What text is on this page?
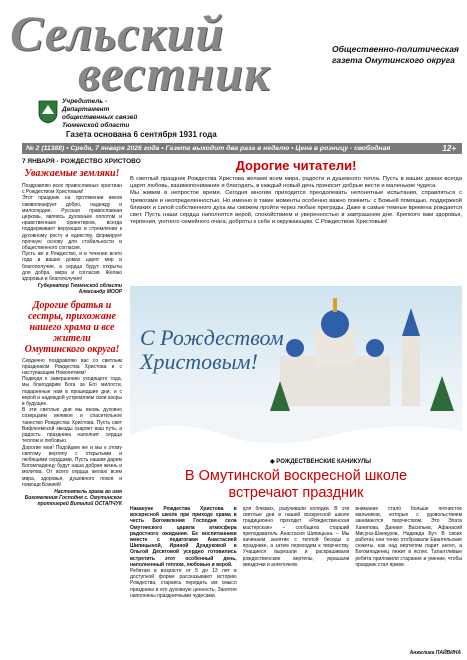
Сельский
вестник	Общественно-политическая газета Омутинского округа
Учредитель - Департамент общественных связей Тюменской области
Газета основана 6 сентября 1931 года
№ 2 (11388) • Среда, 7 января 2026 года • Газета выходит два раза в неделю • Цена в розницу - свободная	12+
7 ЯНВАРЯ - РОЖДЕСТВО ХРИСТОВО
Уважаемые земляки!

Поздравляю всех православных христиан с Рождеством Христовым!

Этот праздник на протяжении веков символизирует добро, надежду и милосердие. Русская православная церковь, являясь духовным оплотом и нравственным ориентиром, всегда поддерживает верующих в стремлении к духовному росту и единству, формирует прочную основу для стабильности и общественного согласия.

Пусть же в Рождество, и в течение всего года в ваших домах царят мир и благополучие, а сердца будут открыты для добра, мира и согласия. Желаю здоровья и благополучия!

Губернатор Тюменской области Александр МООР
Дорогие братья и сестры, прихожане нашего храма и все жители Омутинского округа!

Сердечно поздравляю вас со светлым праздником Рождества Христова и с наступающим Новолетием!

Подводя к завершению уходящего года, мы благодарим Бога за Его милости, подаренные нам в прошедшие дни, и с верой и надеждой устремляем свои взоры в будущее.

В эти светлые дни мы вновь духовно созерцаем великое и спасительное таинство Рождества Христова. Пусть свет Вифлеемской звезды озаряет ваш путь, а радость праздника наполнит сердца теплом и любовью.

Дорогие мои! Подойдем же и мы к этому святому вертепу с открытыми и любящими сердцами. Пусть нашим дарем Богомладенцу будут наша добрая жизнь и молитва. От всего сердца желаю всем мира, здоровья, душевного покоя и помощи Божией!

Настоятель храма во имя Богоявления Господня с. Омутинское протоиерей Виталий ОСТАПЧУК
Дорогие читатели!

В светлый праздник Рождества Христова желаем всем мира, радости и душевного тепла. Пусть в ваших домах всегда царят любовь, взаимопонимание и благодать, в каждый новый день приносит добрые вести и маленькие чудеса.

Мы живем в непростое время. Сегодня многим приходится преодолевать непонятные испытания, справляться с тревогами и неопределенностью. Но именно в такие моменты особенно важно помнить: с Божьей помощью, поддержкой близких и силой собственного духа мы сможем пройти через любые преграды. Даже в самые темные времена рождается свет. Пусть наши сердца наполнятся верой, спокойствием и уверенностью в завтрашнем дне. Крепкого вам здоровья, терпения, уютного семейного очага, доброты к себе и окружающим. С Рождеством Христовым!

С Рождеством
Христовым!
◆ РОЖДЕСТВЕНСКИЕ КАНИКУЛЫ
В Омутинской воскресной школе
встречают праздник

Накануне Рождества Христова в воскресной школе при приходе храма в честь Богоявления Господня села Омутинского царила атмосфера радостного ожидания. Ее воспитанники вместе с педагогами Анастасией Шипицыной, Ириной Дундуковой и Ольгой Десятовой усердно готовились встретить этот особенный день, наполненный теплом, любовью и верой.

Ребятам в возрасте от 5 до 13 лет в доступной форме рассказывают историю Рождества, стараясь передать им смысл праздника и его духовную ценность. Занятия наполнены праздничными чудесами.

для близких, разучивали колядки. В эти светлые дни в нашей воскресной школе традиционно проходит «Рождественская мастерская» – сообщила старший преподаватель Анастасия Шипицына. – Мы начинаем занятие с теплой беседы о празднике, а затем переходим к творчеству. Учащиеся вырезали и раскрашивали рождественские вертепы, украшали звездочки и ангелочков.

внимание стало больше пятнистое мальчиков, которые с удовольствием занимаются творчеством. Это Элата Ханипова, Даниил Васильев, Афанасий Мисуна-Шанкуров, Надежда Бут. В своих работах они тонко отображали Евангельские сюжеты, как над вертепом парит ангел, а Богомладенец лежит в яслях. Талантливые ребята приложили старание и умение, чтобы праздник стал ярким.

Анжелика ПАЙВИНА
